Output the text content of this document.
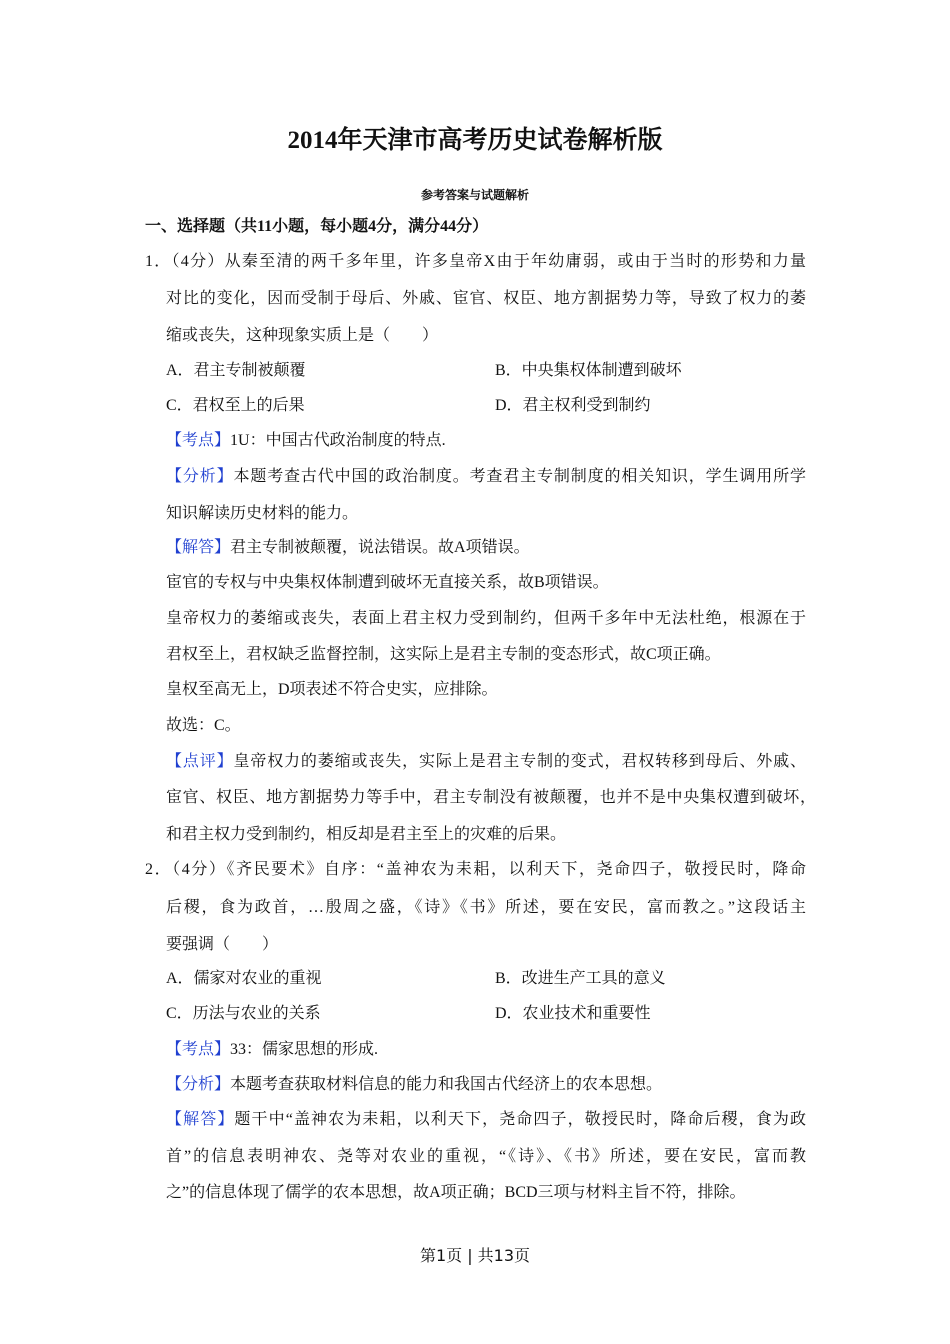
2014年天津市高考历史试卷解析版
参考答案与试题解析
一、选择题（共11小题，每小题4分，满分44分）
1．（4分）从秦至清的两千多年里，许多皇帝X由于年幼庸弱，或由于当时的形势和力量
对比的变化，因而受制于母后、外戚、宦官、权臣、地方割据势力等，导致了权力的萎
缩或丧失，这种现象实质上是（　　）
A．君主专制被颠覆	B．中央集权体制遭到破坏
C．君权至上的后果	D．君主权利受到制约
【考点】1U：中国古代政治制度的特点.
【分析】本题考查古代中国的政治制度。考查君主专制制度的相关知识，学生调用所学
知识解读历史材料的能力。
【解答】君主专制被颠覆，说法错误。故A项错误。
宦官的专权与中央集权体制遭到破坏无直接关系，故B项错误。
皇帝权力的萎缩或丧失，表面上君主权力受到制约，但两千多年中无法杜绝，根源在于
君权至上，君权缺乏监督控制，这实际上是君主专制的变态形式，故C项正确。
皇权至高无上，D项表述不符合史实，应排除。
故选：C。
【点评】皇帝权力的萎缩或丧失，实际上是君主专制的变式，君权转移到母后、外戚、
宦官、权臣、地方割据势力等手中，君主专制没有被颠覆，也并不是中央集权遭到破坏，
和君主权力受到制约，相反却是君主至上的灾难的后果。
2．（4分）《齐民要术》自序：“盖神农为耒耜，以利天下，尧命四子，敬授民时，降命
后稷，食为政首，…殷周之盛，《诗》《书》所述，要在安民，富而教之。”这段话主
要强调（　　）
A．儒家对农业的重视	B．改进生产工具的意义
C．历法与农业的关系	D．农业技术和重要性
【考点】33：儒家思想的形成.
【分析】本题考查获取材料信息的能力和我国古代经济上的农本思想。
【解答】题干中“盖神农为耒耜，以利天下，尧命四子，敬授民时，降命后稷，食为政
首”的信息表明神农、尧等对农业的重视，“《诗》、《书》所述，要在安民，富而教
之”的信息体现了儒学的农本思想，故A项正确；BCD三项与材料主旨不符，排除。
第1页 | 共13页
